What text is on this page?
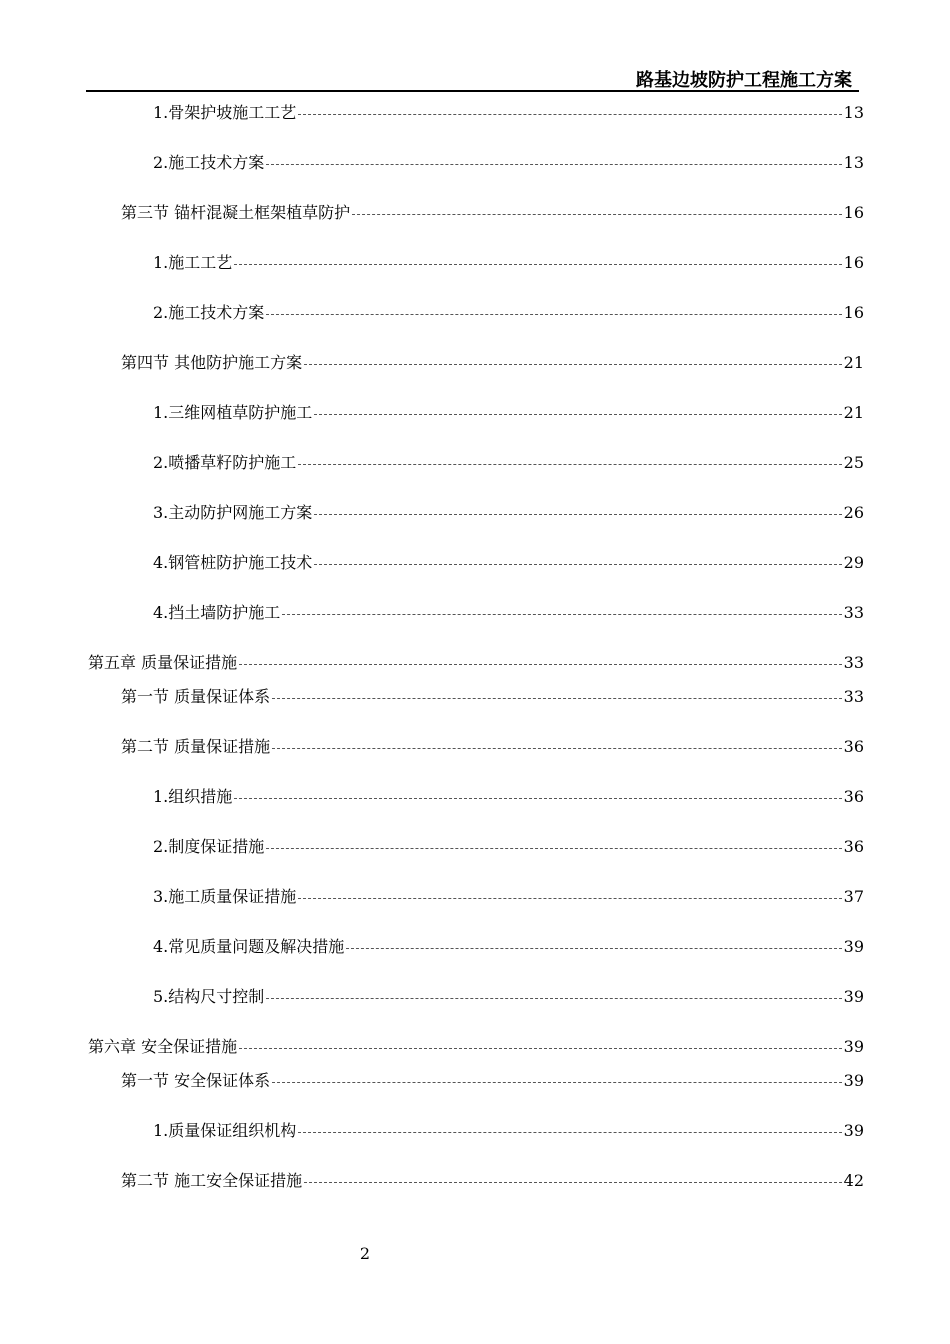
路基边坡防护工程施工方案
1.骨架护坡施工工艺	13
2.施工技术方案	13
第三节 锚杆混凝土框架植草防护	16
1.施工工艺	16
2.施工技术方案	16
第四节 其他防护施工方案	21
1.三维网植草防护施工	21
2.喷播草籽防护施工	25
3.主动防护网施工方案	26
4.钢管桩防护施工技术	29
4.挡土墙防护施工	33
第五章 质量保证措施	33
第一节 质量保证体系	33
第二节 质量保证措施	36
1.组织措施	36
2.制度保证措施	36
3.施工质量保证措施	37
4.常见质量问题及解决措施	39
5.结构尺寸控制	39
第六章 安全保证措施	39
第一节 安全保证体系	39
1.质量保证组织机构	39
第二节 施工安全保证措施	42
2
